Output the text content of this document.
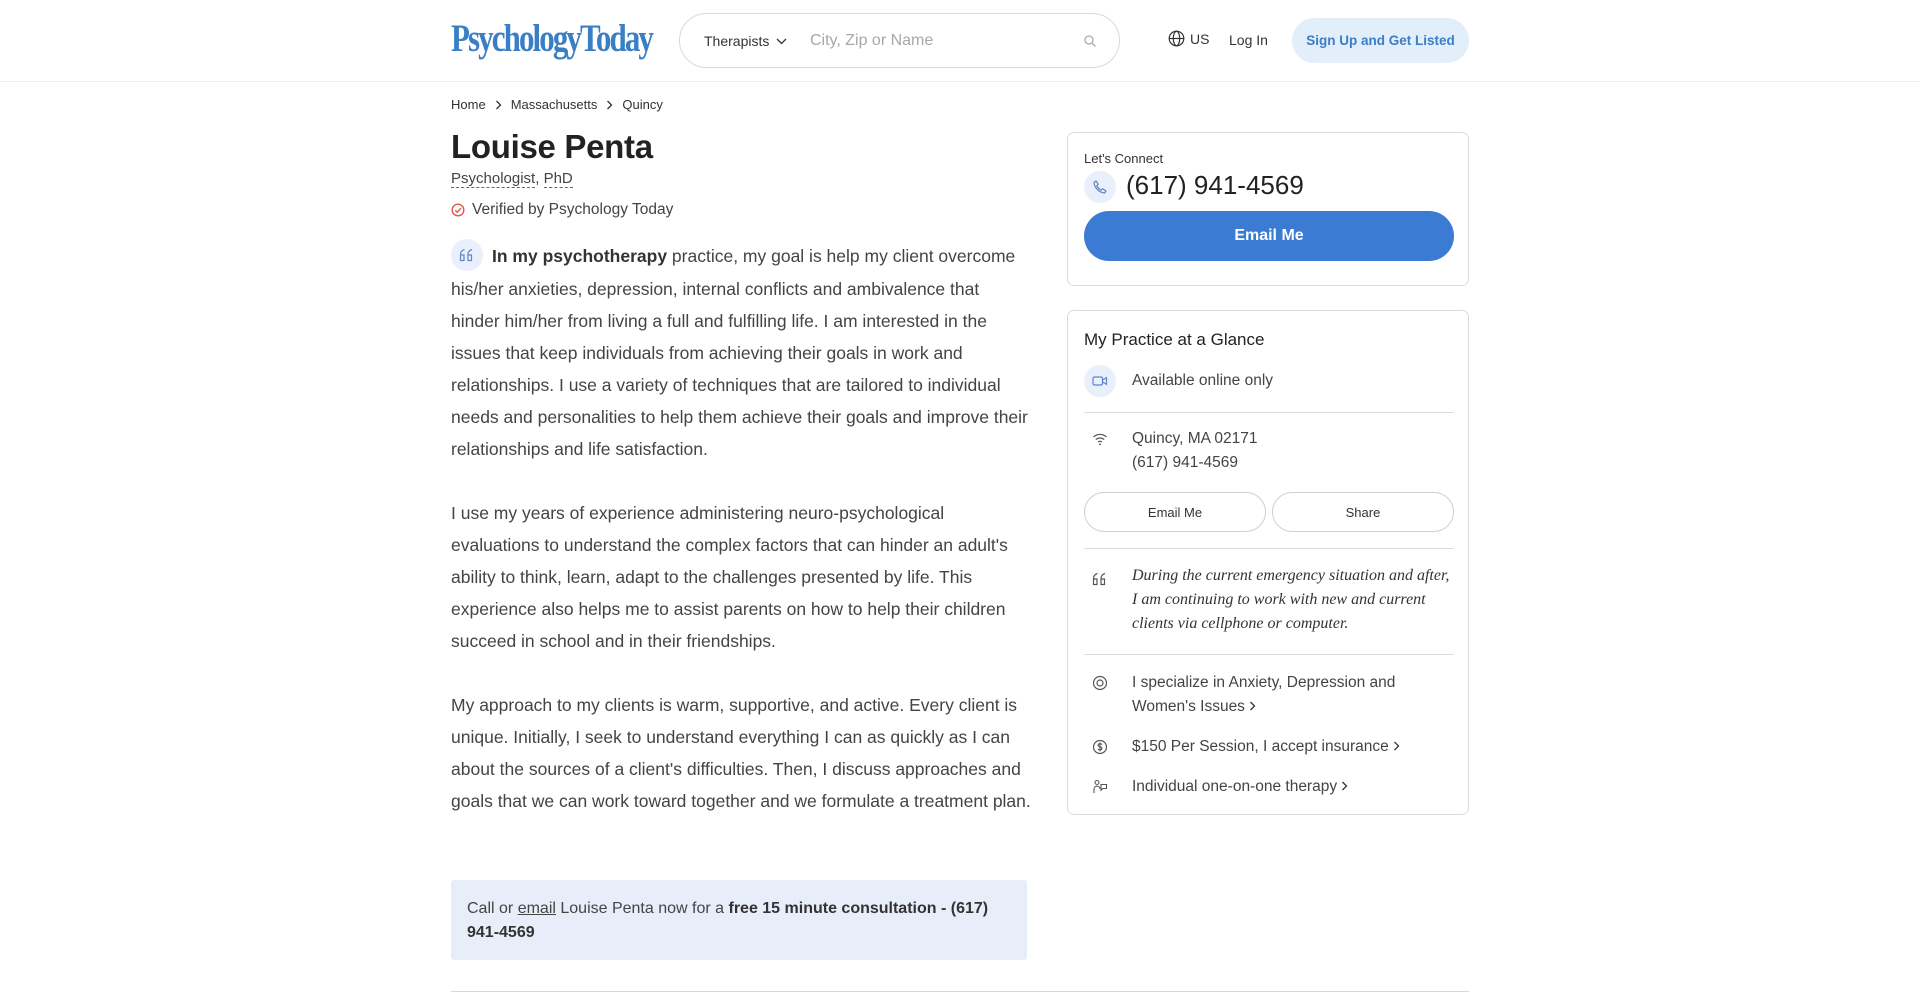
PsychologyToday	Therapists
City, Zip or Name	US Log In	Sign Up and Get Listed
Home Massachusetts Quincy
Louise Penta
Psychologist, PhD
Verified by Psychology Today

In my psychotherapy practice, my goal is help my client overcome his/her anxieties, depression, internal conflicts and ambivalence that hinder him/her from living a full and fulfilling life. I am interested in the issues that keep individuals from achieving their goals in work and relationships. I use a variety of techniques that are tailored to individual needs and personalities to help them achieve their goals and improve their relationships and life satisfaction.

I use my years of experience administering neuro-psychological evaluations to understand the complex factors that can hinder an adult's ability to think, learn, adapt to the challenges presented by life. This experience also helps me to assist parents on how to help their children succeed in school and in their friendships.

My approach to my clients is warm, supportive, and active. Every client is unique. Initially, I seek to understand everything I can as quickly as I can about the sources of a client's difficulties. Then, I discuss approaches and goals that we can work toward together and we formulate a treatment plan.

Call or email Louise Penta now for a free 15 minute consultation - (617) 941-4569
Let's Connect
(617) 941-4569
Email Me
My Practice at a Glance
Available online only
Quincy, MA 02171
(617) 941-4569
Email Me	Share
During the current emergency situation and after, I am continuing to work with new and current clients via cellphone or computer.
I specialize in Anxiety, Depression and Women's Issues
$150 Per Session, I accept insurance
Individual one-on-one therapy
